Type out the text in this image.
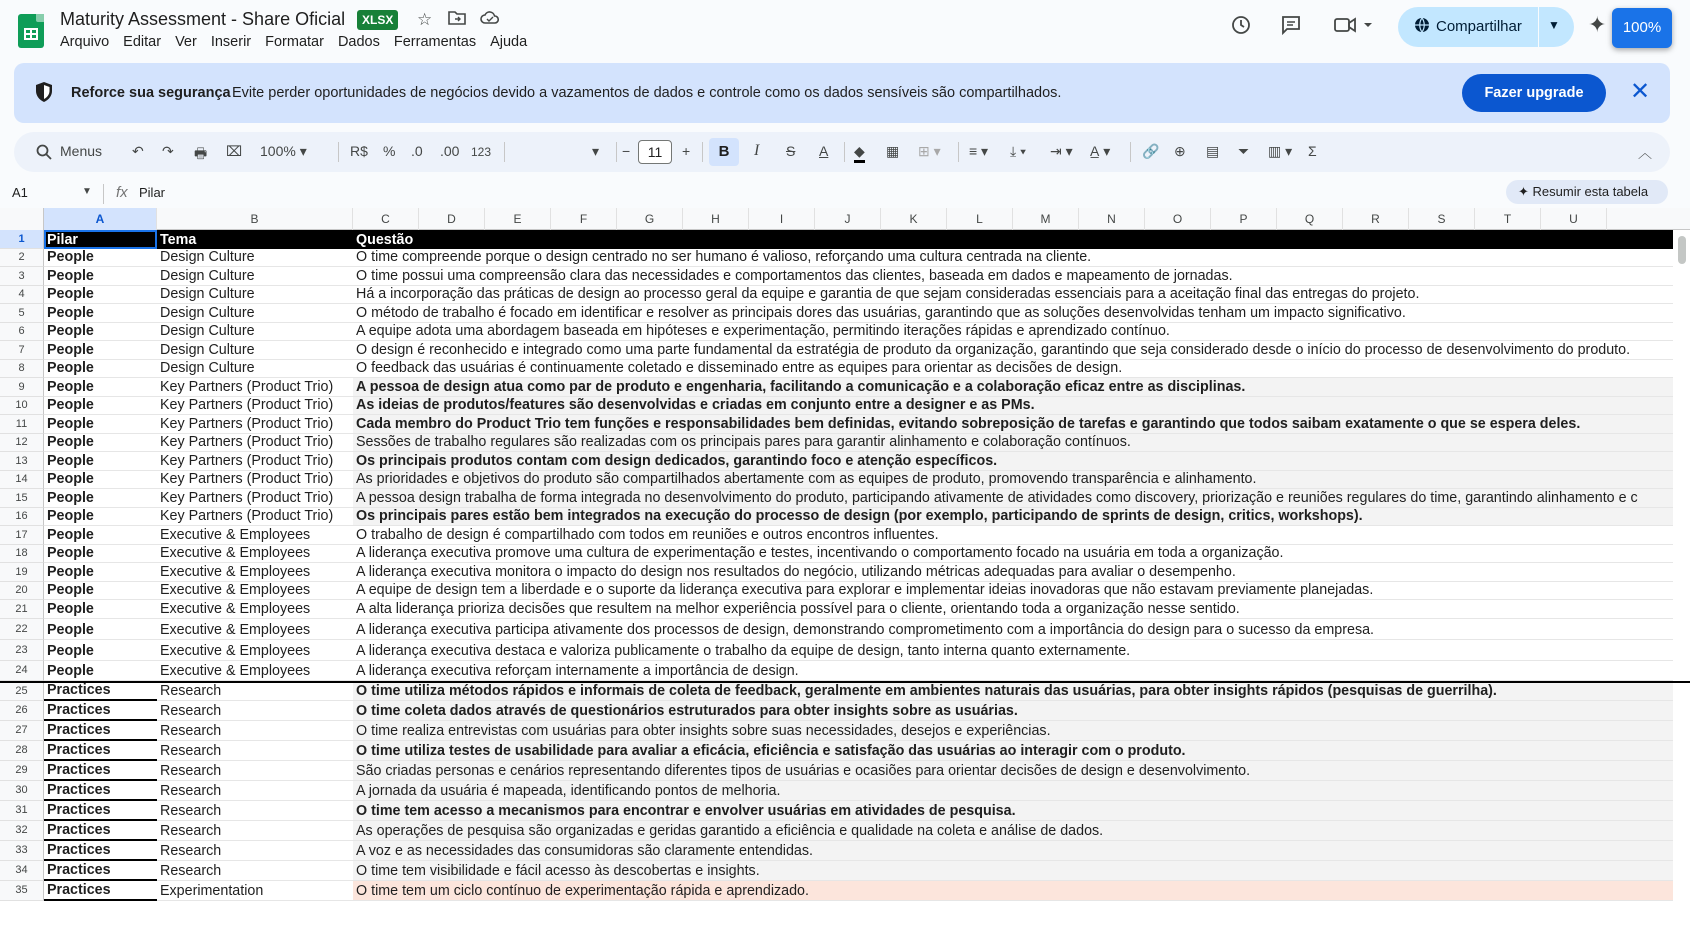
Maturity Assessment - Share Oficial	XLSX ☆
Arquivo Editar Ver Inserir Formatar Dados Ferramentas Ajuda
Compartilhar ▼ ✦	100%
Reforce sua segurança Evite perder oportunidades de negócios devido a vazamentos de dados e controle como os dados sensíveis são compartilhados.	Fazer upgrade	✕
Menus ↶ ↷ 🖶 ⌧ 100% ▾	R$ % .0 .00 123	▾ −	11	+	B	I S A ◆ ▦ ⊞ ▾ ≡ ▾ ⤓ ▾ ⇥ ▾ A̲ ▾ 🔗 ⊕ ▤ ⏷ ▥ ▾ Σ	︿
A1	▼ fx Pilar	✦ Resumir esta tabela
A	B	C	D	E	F	G	H	I	J	K	L	M	N	O	P	Q	R	S	T	U
1	Pilar	Tema	Questão
2	People	Design Culture	O time compreende porque o design centrado no ser humano é valioso, reforçando uma cultura centrada na cliente.
3	People	Design Culture	O time possui uma compreensão clara das necessidades e comportamentos das clientes, baseada em dados e mapeamento de jornadas.
4	People	Design Culture	Há a incorporação das práticas de design ao processo geral da equipe e garantia de que sejam consideradas essenciais para a aceitação final das entregas do projeto.
5	People	Design Culture	O método de trabalho é focado em identificar e resolver as principais dores das usuárias, garantindo que as soluções desenvolvidas tenham um impacto significativo.
6	People	Design Culture	A equipe adota uma abordagem baseada em hipóteses e experimentação, permitindo iterações rápidas e aprendizado contínuo.
7	People	Design Culture	O design é reconhecido e integrado como uma parte fundamental da estratégia de produto da organização, garantindo que seja considerado desde o início do processo de desenvolvimento do produto.
8	People	Design Culture	O feedback das usuárias é continuamente coletado e disseminado entre as equipes para orientar as decisões de design.
9	People	Key Partners (Product Trio)	A pessoa de design atua como par de produto e engenharia, facilitando a comunicação e a colaboração eficaz entre as disciplinas.
10	People	Key Partners (Product Trio)	As ideias de produtos/features são desenvolvidas e criadas em conjunto entre a designer e as PMs.
11	People	Key Partners (Product Trio)	Cada membro do Product Trio tem funções e responsabilidades bem definidas, evitando sobreposição de tarefas e garantindo que todos saibam exatamente o que se espera deles.
12	People	Key Partners (Product Trio)	Sessões de trabalho regulares são realizadas com os principais pares para garantir alinhamento e colaboração contínuos.
13	People	Key Partners (Product Trio)	Os principais produtos contam com design dedicados, garantindo foco e atenção específicos.
14	People	Key Partners (Product Trio)	As prioridades e objetivos do produto são compartilhados abertamente com as equipes de produto, promovendo transparência e alinhamento.
15	People	Key Partners (Product Trio)	A pessoa design trabalha de forma integrada no desenvolvimento do produto, participando ativamente de atividades como discovery, priorização e reuniões regulares do time, garantindo alinhamento e c
16	People	Key Partners (Product Trio)	Os principais pares estão bem integrados na execução do processo de design (por exemplo, participando de sprints de design, critics, workshops).
17	People	Executive & Employees	O trabalho de design é compartilhado com todos em reuniões e outros encontros influentes.
18	People	Executive & Employees	A liderança executiva promove uma cultura de experimentação e testes, incentivando o comportamento focado na usuária em toda a organização.
19	People	Executive & Employees	A liderança executiva monitora o impacto do design nos resultados do negócio, utilizando métricas adequadas para avaliar o desempenho.
20	People	Executive & Employees	A equipe de design tem a liberdade e o suporte da liderança executiva para explorar e implementar ideias inovadoras que não estavam previamente planejadas.
21	People	Executive & Employees	A alta liderança prioriza decisões que resultem na melhor experiência possível para o cliente, orientando toda a organização nesse sentido.
22	People	Executive & Employees	A liderança executiva participa ativamente dos processos de design, demonstrando comprometimento com a importância do design para o sucesso da empresa.
23	People	Executive & Employees	A liderança executiva destaca e valoriza publicamente o trabalho da equipe de design, tanto interna quanto externamente.
24	People	Executive & Employees	A liderança executiva reforçam internamente a importância de design.
25	Practices	Research	O time utiliza métodos rápidos e informais de coleta de feedback, geralmente em ambientes naturais das usuárias, para obter insights rápidos (pesquisas de guerrilha).
26	Practices	Research	O time coleta dados através de questionários estruturados para obter insights sobre as usuárias.
27	Practices	Research	O time realiza entrevistas com usuárias para obter insights sobre suas necessidades, desejos e experiências.
28	Practices	Research	O time utiliza testes de usabilidade para avaliar a eficácia, eficiência e satisfação das usuárias ao interagir com o produto.
29	Practices	Research	São criadas personas e cenários representando diferentes tipos de usuárias e ocasiões para orientar decisões de design e desenvolvimento.
30	Practices	Research	A jornada da usuária é mapeada, identificando pontos de melhoria.
31	Practices	Research	O time tem acesso a mecanismos para encontrar e envolver usuárias em atividades de pesquisa.
32	Practices	Research	As operações de pesquisa são organizadas e geridas garantido a eficiência e qualidade na coleta e análise de dados.
33	Practices	Research	A voz e as necessidades das consumidoras são claramente entendidas.
34	Practices	Research	O time tem visibilidade e fácil acesso às descobertas e insights.
35	Practices	Experimentation	O time tem um ciclo contínuo de experimentação rápida e aprendizado.
